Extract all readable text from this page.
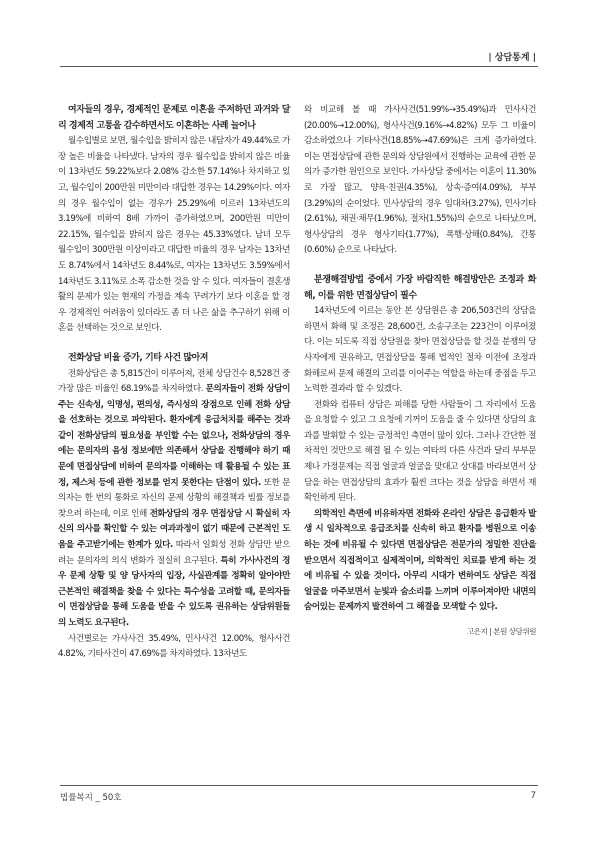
| 상담통계 |

여자들의 경우, 경제적인 문제로 이혼을 주저하던 과거와 달리 경제적 고통을 감수하면서도 이혼하는 사례 늘어나

월수입별로 보면, 월수입을 밝히지 않은 내담자가 49.44%로 가장 높은 비율을 나타냈다. 남자의 경우 월수입을 밝히지 않은 비율이 13차년도 59.22%보다 2.08% 감소한 57.14%나 차지하고 있고, 월수입이 200만원 미만이라 대답한 경우는 14.29%이다. 여자의 경우 월수입이 없는 경우가 25.29%에 이르러 13차년도의 3.19%에 비하여 8배 가까이 증가하였으며, 200만원 미만이 22.15%, 월수입을 밝히지 않은 경우는 45.33%였다. 남녀 모두 월수입이 300만원 이상이라고 대답한 비율의 경우 남자는 13차년도 8.74%에서 14차년도 8.44%로, 여자는 13차년도 3.59%에서 14차년도 3.11%로 소폭 감소한 것을 알 수 있다. 여자들이 결혼생활의 문제가 있는 현재의 가정을 계속 꾸려가기 보다 이혼을 할 경우 경제적인 어려움이 있더라도 좀 더 나은 삶을 추구하기 위해 이혼을 선택하는 것으로 보인다.

전화상담 비율 증가, 기타 사건 많아져

전화상담은 총 5,815건이 이루어져, 전체 상담건수 8,528건 중 가장 많은 비율인 68.19%를 차지하였다. 문의자들이 전화 상담이 주는 신속성, 익명성, 편의성, 즉시성의 장점으로 인해 전화 상담을 선호하는 것으로 파악된다. 환자에게 응급처치를 해주는 것과 같이 전화상담의 필요성을 부인할 수는 없으나, 전화상담의 경우에는 문의자의 음성 정보에만 의존해서 상담을 진행해야 하기 때문에 면접상담에 비하여 문의자를 이해하는 데 활용될 수 있는 표정, 제스처 등에 관한 정보를 얻지 못한다는 단점이 있다. 또한 문의자는 한 번의 통화로 자신의 문제 상황의 해결책과 빔률 정보를 찾으려 하는데, 이로 인해 전화상담의 경우 면접상담 시 확실히 자신의 의사를 확인할 수 있는 여과과정이 없기 때문에 근본적인 도움을 주고받기에는 한계가 있다. 따라서 일회성 전화 상담만 받으려는 문의자의 의식 변화가 절실히 요구된다. 특히 가사사건의 경우 문제 상황 및 양 당사자의 입장, 사실관계를 정확히 알아야만 근본적인 해결책을 찾을 수 있다는 특수성을 고려할 때, 문의자들이 면접상담을 통해 도움을 받을 수 있도록 권유하는 상담위원들의 노력도 요구된다.

사건별로는 가사사건 35.49%, 민사사건 12.00%, 형사사건 4.82%, 기타사건이 47.69%를 차지하였다. 13차년도

와 비교해 볼 때 가사사건(51.99%→35.49%)과 민사사건(20.00%→12.00%), 형사사건(9.16%→4.82%) 모두 그 비율이 감소하였으나 기타사건(18.85%→47.69%)은 크게 증가하였다. 이는 면접상담에 관한 문의와 상담원에서 진행하는 교육에 관한 문의가 증가한 원인으로 보인다. 가사상담 중에서는 이혼이 11.30%로 가장 많고, 양육·친권(4.35%), 상속·증여(4.09%), 부부(3.29%)의 순이었다. 민사상담의 경우 임대차(3.27%), 민사기타(2.61%), 채권·채무(1.96%), 절차(1.55%)의 순으로 나타났으며, 형사상담의 경우 형사기타(1.77%), 폭행·상해(0.84%), 간통(0.60%) 순으로 나타났다.

분쟁해결방법 중에서 가장 바람직한 해결방안은 조정과 화해, 이를 위한 면접상담이 필수

14차년도에 이르는 동안 본 상담원은 총 206,503건의 상담을 하면서 화해 및 조정은 28,600건, 소송구조는 223건이 이루어졌다. 이는 되도록 직접 상담원을 찾아 면접상담을 할 것을 분쟁의 당사자에게 권유하고, 면접상담을 통해 법적인 절차 이전에 조정과 화해로써 문제 해결의 고리를 이어주는 역할을 하는데 중점을 두고 노력한 결과라 할 수 있겠다.

전화와 컴퓨터 상담은 피해를 당한 사람들이 그 자리에서 도움을 요청할 수 있고 그 요청에 기꺼이 도움을 줄 수 있다면 상담의 효과를 발휘할 수 있는 긍정적인 측면이 많이 있다. 그러나 간단한 절차적인 것만으로 해결 될 수 있는 여타의 다른 사건과 달리 부부문제나 가정문제는 직접 얼굴과 얼굴을 맞대고 상대를 바라보면서 상담을 하는 면접상담의 효과가 훨씬 크다는 것을 상담을 하면서 재확인하게 된다.

의학적인 측면에 비유하자면 전화와 온라인 상담은 응급환자 발생 시 일차적으로 응급조치를 신속히 하고 환자를 병원으로 이송하는 것에 비유될 수 있다면 면접상담은 전문가의 정밀한 진단을 받으면서 직접적이고 실제적이며, 의학적인 치료를 받게 하는 것에 비유될 수 있을 것이다. 아무리 시대가 변하여도 상담은 직접 얼굴을 마주보면서 눈빛과 숨소리를 느끼며 이루어져야만 내면의 숨어있는 문제까지 발견하여 그 해결을 모색할 수 있다.

고은지 | 본원 상담위원
법률복지 _ 50호	7
